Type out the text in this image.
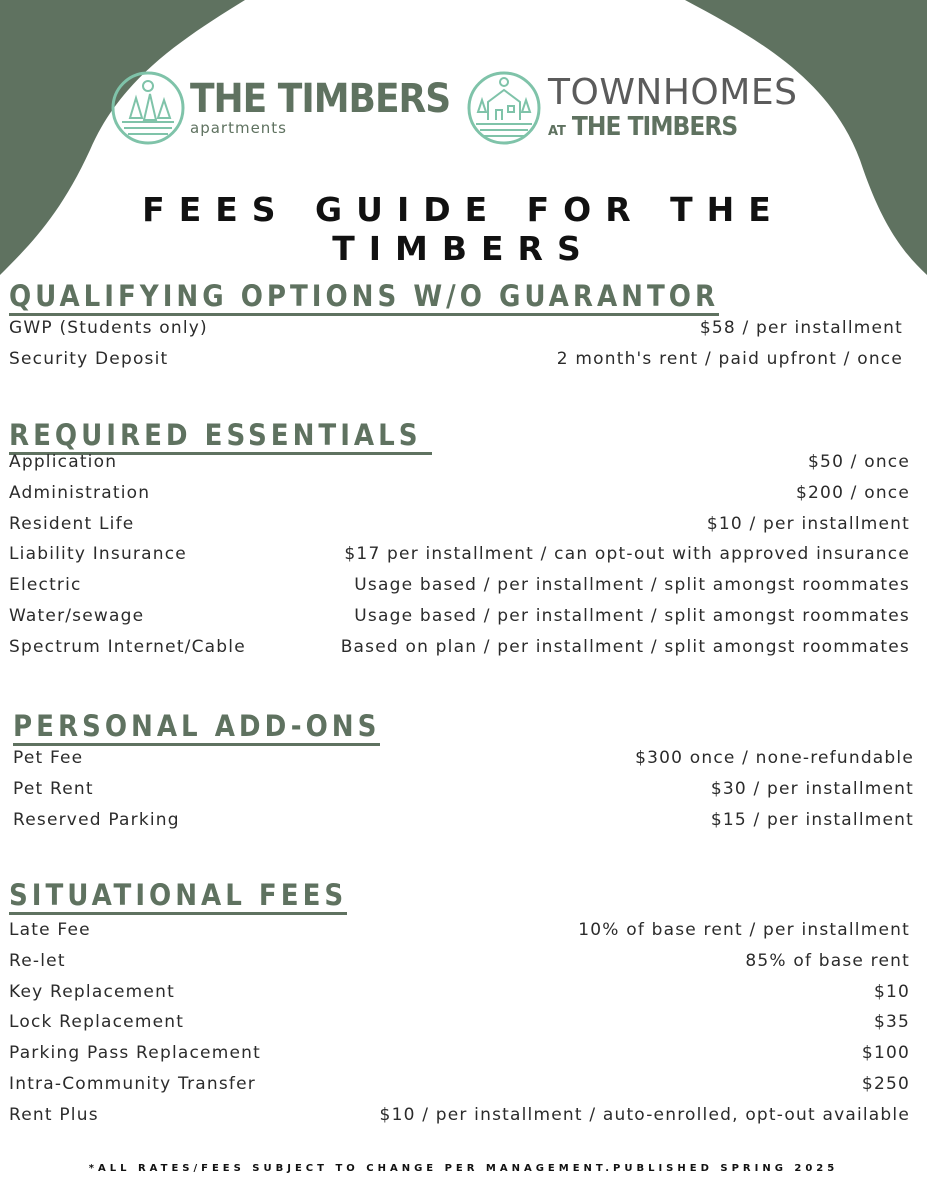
THE TIMBERS
apartments
TOWNHOMES
AT THE TIMBERS
FEES GUIDE FOR THE TIMBERS
QUALIFYING OPTIONS W/O GUARANTOR
GWP (Students only)	$58 / per installment
Security Deposit	2 month's rent / paid upfront / once
REQUIRED ESSENTIALS
Application	$50 / once
Administration	$200 / once
Resident Life	$10 / per installment
Liability Insurance	$17 per installment / can opt-out with approved insurance
Electric	Usage based / per installment / split amongst roommates
Water/sewage	Usage based / per installment / split amongst roommates
Spectrum Internet/Cable	Based on plan / per installment / split amongst roommates
PERSONAL ADD-ONS
Pet Fee	$300 once / none-refundable
Pet Rent	$30 / per installment
Reserved Parking	$15 / per installment
SITUATIONAL FEES
Late Fee	10% of base rent / per installment
Re-let	85% of base rent
Key Replacement	$10
Lock Replacement	$35
Parking Pass Replacement	$100
Intra-Community Transfer	$250
Rent Plus	$10 / per installment / auto-enrolled, opt-out available
*ALL RATES/FEES SUBJECT TO CHANGE PER MANAGEMENT.PUBLISHED SPRING 2025
